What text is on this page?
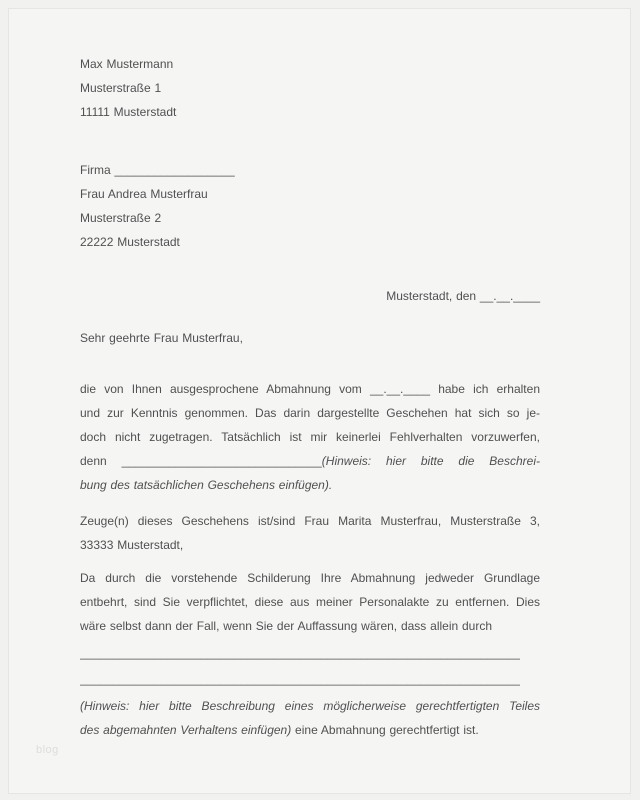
Max Mustermann
Musterstraße 1
11111 Musterstadt
Firma __________________
Frau Andrea Musterfrau
Musterstraße 2
22222 Musterstadt
Musterstadt, den __.__.____
Sehr geehrte Frau Musterfrau,
die von Ihnen ausgesprochene Abmahnung vom __.__.____ habe ich erhalten
und zur Kenntnis genommen. Das darin dargestellte Geschehen hat sich so je-
doch nicht zugetragen. Tatsächlich ist mir keinerlei Fehlverhalten vorzuwerfen,
denn ______________________________(Hinweis: hier bitte die Beschrei-
bung des tatsächlichen Geschehens einfügen).
Zeuge(n) dieses Geschehens ist/sind Frau Marita Musterfrau, Musterstraße 3,
33333 Musterstadt,
Da durch die vorstehende Schilderung Ihre Abmahnung jedweder Grundlage
entbehrt, sind Sie verpflichtet, diese aus meiner Personalakte zu entfernen. Dies
wäre selbst dann der Fall, wenn Sie der Auffassung wären, dass allein durch
__________________________________________________________________
__________________________________________________________________
(Hinweis: hier bitte Beschreibung eines möglicherweise gerechtfertigten Teiles
des abgemahnten Verhaltens einfügen) eine Abmahnung gerechtfertigt ist.
blog
